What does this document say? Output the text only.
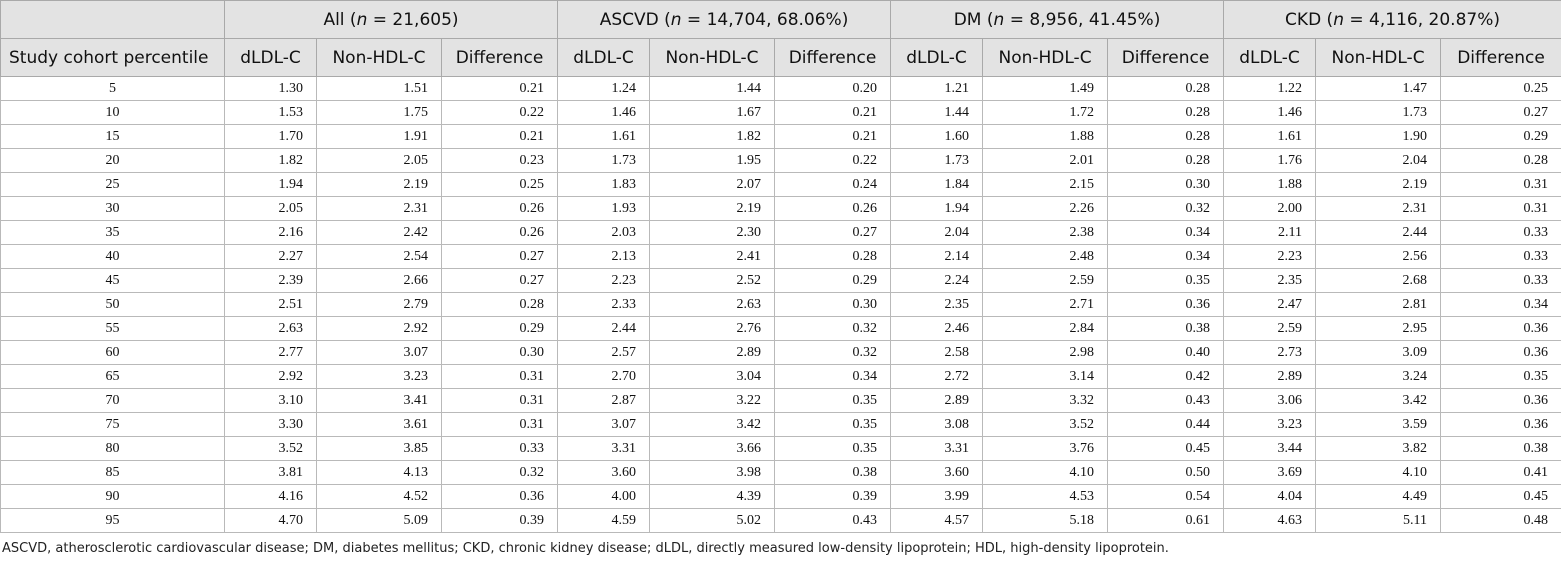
	All (n = 21,605)			ASCVD (n = 14,704, 68.06%)			DM (n = 8,956, 41.45%)			CKD (n = 4,116, 20.87%)		
Study cohort percentile	dLDL-C	Non-HDL-C	Difference	dLDL-C	Non-HDL-C	Difference	dLDL-C	Non-HDL-C	Difference	dLDL-C	Non-HDL-C	Difference
5	1.30	1.51	0.21	1.24	1.44	0.20	1.21	1.49	0.28	1.22	1.47	0.25
10	1.53	1.75	0.22	1.46	1.67	0.21	1.44	1.72	0.28	1.46	1.73	0.27
15	1.70	1.91	0.21	1.61	1.82	0.21	1.60	1.88	0.28	1.61	1.90	0.29
20	1.82	2.05	0.23	1.73	1.95	0.22	1.73	2.01	0.28	1.76	2.04	0.28
25	1.94	2.19	0.25	1.83	2.07	0.24	1.84	2.15	0.30	1.88	2.19	0.31
30	2.05	2.31	0.26	1.93	2.19	0.26	1.94	2.26	0.32	2.00	2.31	0.31
35	2.16	2.42	0.26	2.03	2.30	0.27	2.04	2.38	0.34	2.11	2.44	0.33
40	2.27	2.54	0.27	2.13	2.41	0.28	2.14	2.48	0.34	2.23	2.56	0.33
45	2.39	2.66	0.27	2.23	2.52	0.29	2.24	2.59	0.35	2.35	2.68	0.33
50	2.51	2.79	0.28	2.33	2.63	0.30	2.35	2.71	0.36	2.47	2.81	0.34
55	2.63	2.92	0.29	2.44	2.76	0.32	2.46	2.84	0.38	2.59	2.95	0.36
60	2.77	3.07	0.30	2.57	2.89	0.32	2.58	2.98	0.40	2.73	3.09	0.36
65	2.92	3.23	0.31	2.70	3.04	0.34	2.72	3.14	0.42	2.89	3.24	0.35
70	3.10	3.41	0.31	2.87	3.22	0.35	2.89	3.32	0.43	3.06	3.42	0.36
75	3.30	3.61	0.31	3.07	3.42	0.35	3.08	3.52	0.44	3.23	3.59	0.36
80	3.52	3.85	0.33	3.31	3.66	0.35	3.31	3.76	0.45	3.44	3.82	0.38
85	3.81	4.13	0.32	3.60	3.98	0.38	3.60	4.10	0.50	3.69	4.10	0.41
90	4.16	4.52	0.36	4.00	4.39	0.39	3.99	4.53	0.54	4.04	4.49	0.45
95	4.70	5.09	0.39	4.59	5.02	0.43	4.57	5.18	0.61	4.63	5.11	0.48
ASCVD, atherosclerotic cardiovascular disease; DM, diabetes mellitus; CKD, chronic kidney disease; dLDL, directly measured low-density lipoprotein; HDL, high-density lipoprotein.
